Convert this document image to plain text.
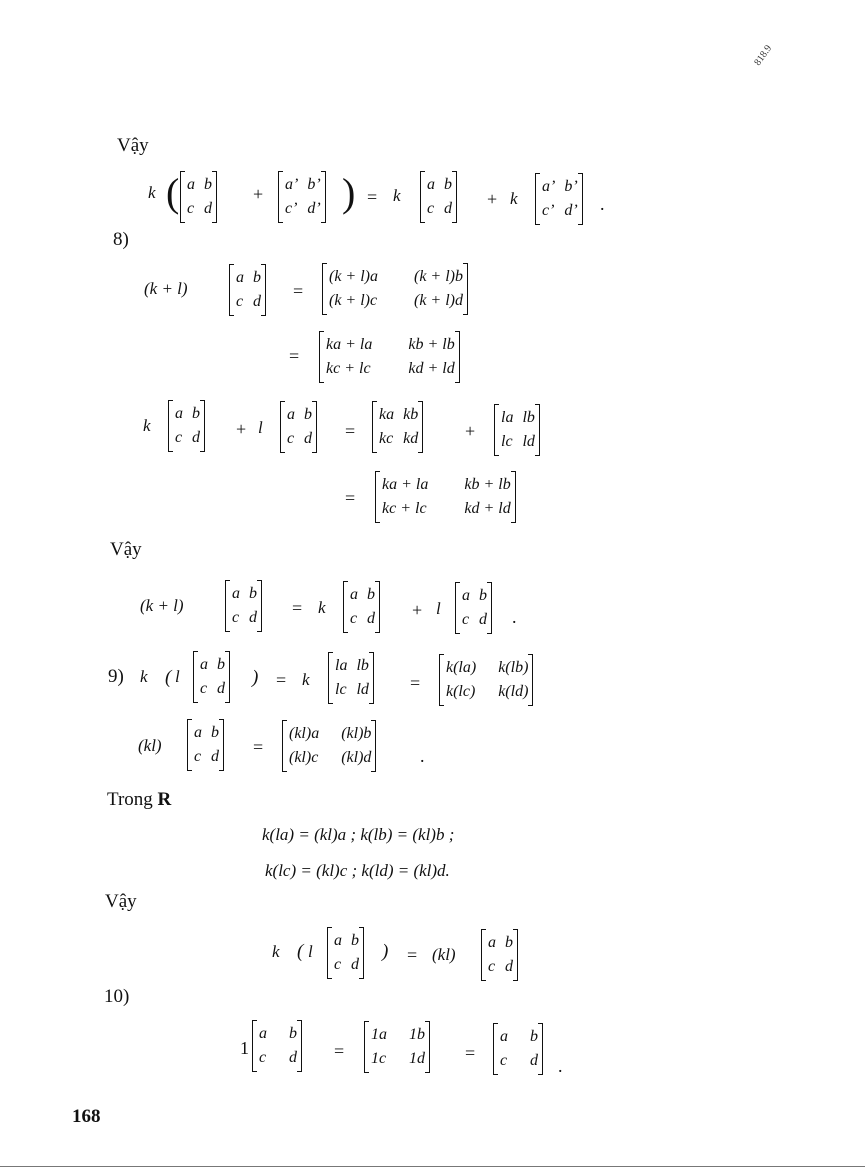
818.9
Vậy
k ( a b
c d
+ a’ b’
c’ d’ ) = k
a b
c d + k
a’ b’
c’ d’ .
8)
(k + l)
a b
c d
=
(k + l)a (k + l)b
(k + l)c (k + l)d
=
ka + la kb + lb
kc + lc kd + ld
k
a b
c d + l
a b
c d =
ka kb
kc kd	+
la lb
lc ld
=
ka + la kb + lb
kc + lc kd + ld
Vậy
(k + l)
a b
c d = k
a b
c d + l
a b
c d .
9) k ( l
a b
c d
) = k
la lb
lc ld =
k(la) k(lb)
k(lc) k(ld)
(kl)
a b
c d =
(kl)a (kl)b
(kl)c (kl)d	.
Trong R
k(la) = (kl)a ; k(lb) = (kl)b ;
k(lc) = (kl)c ; k(ld) = (kl)d.
Vậy
k ( l
a b
c d
) = (kl)
a b
c d
10)
1
a b
c d =
1a 1b
1c 1d =
a b
c d .
168
